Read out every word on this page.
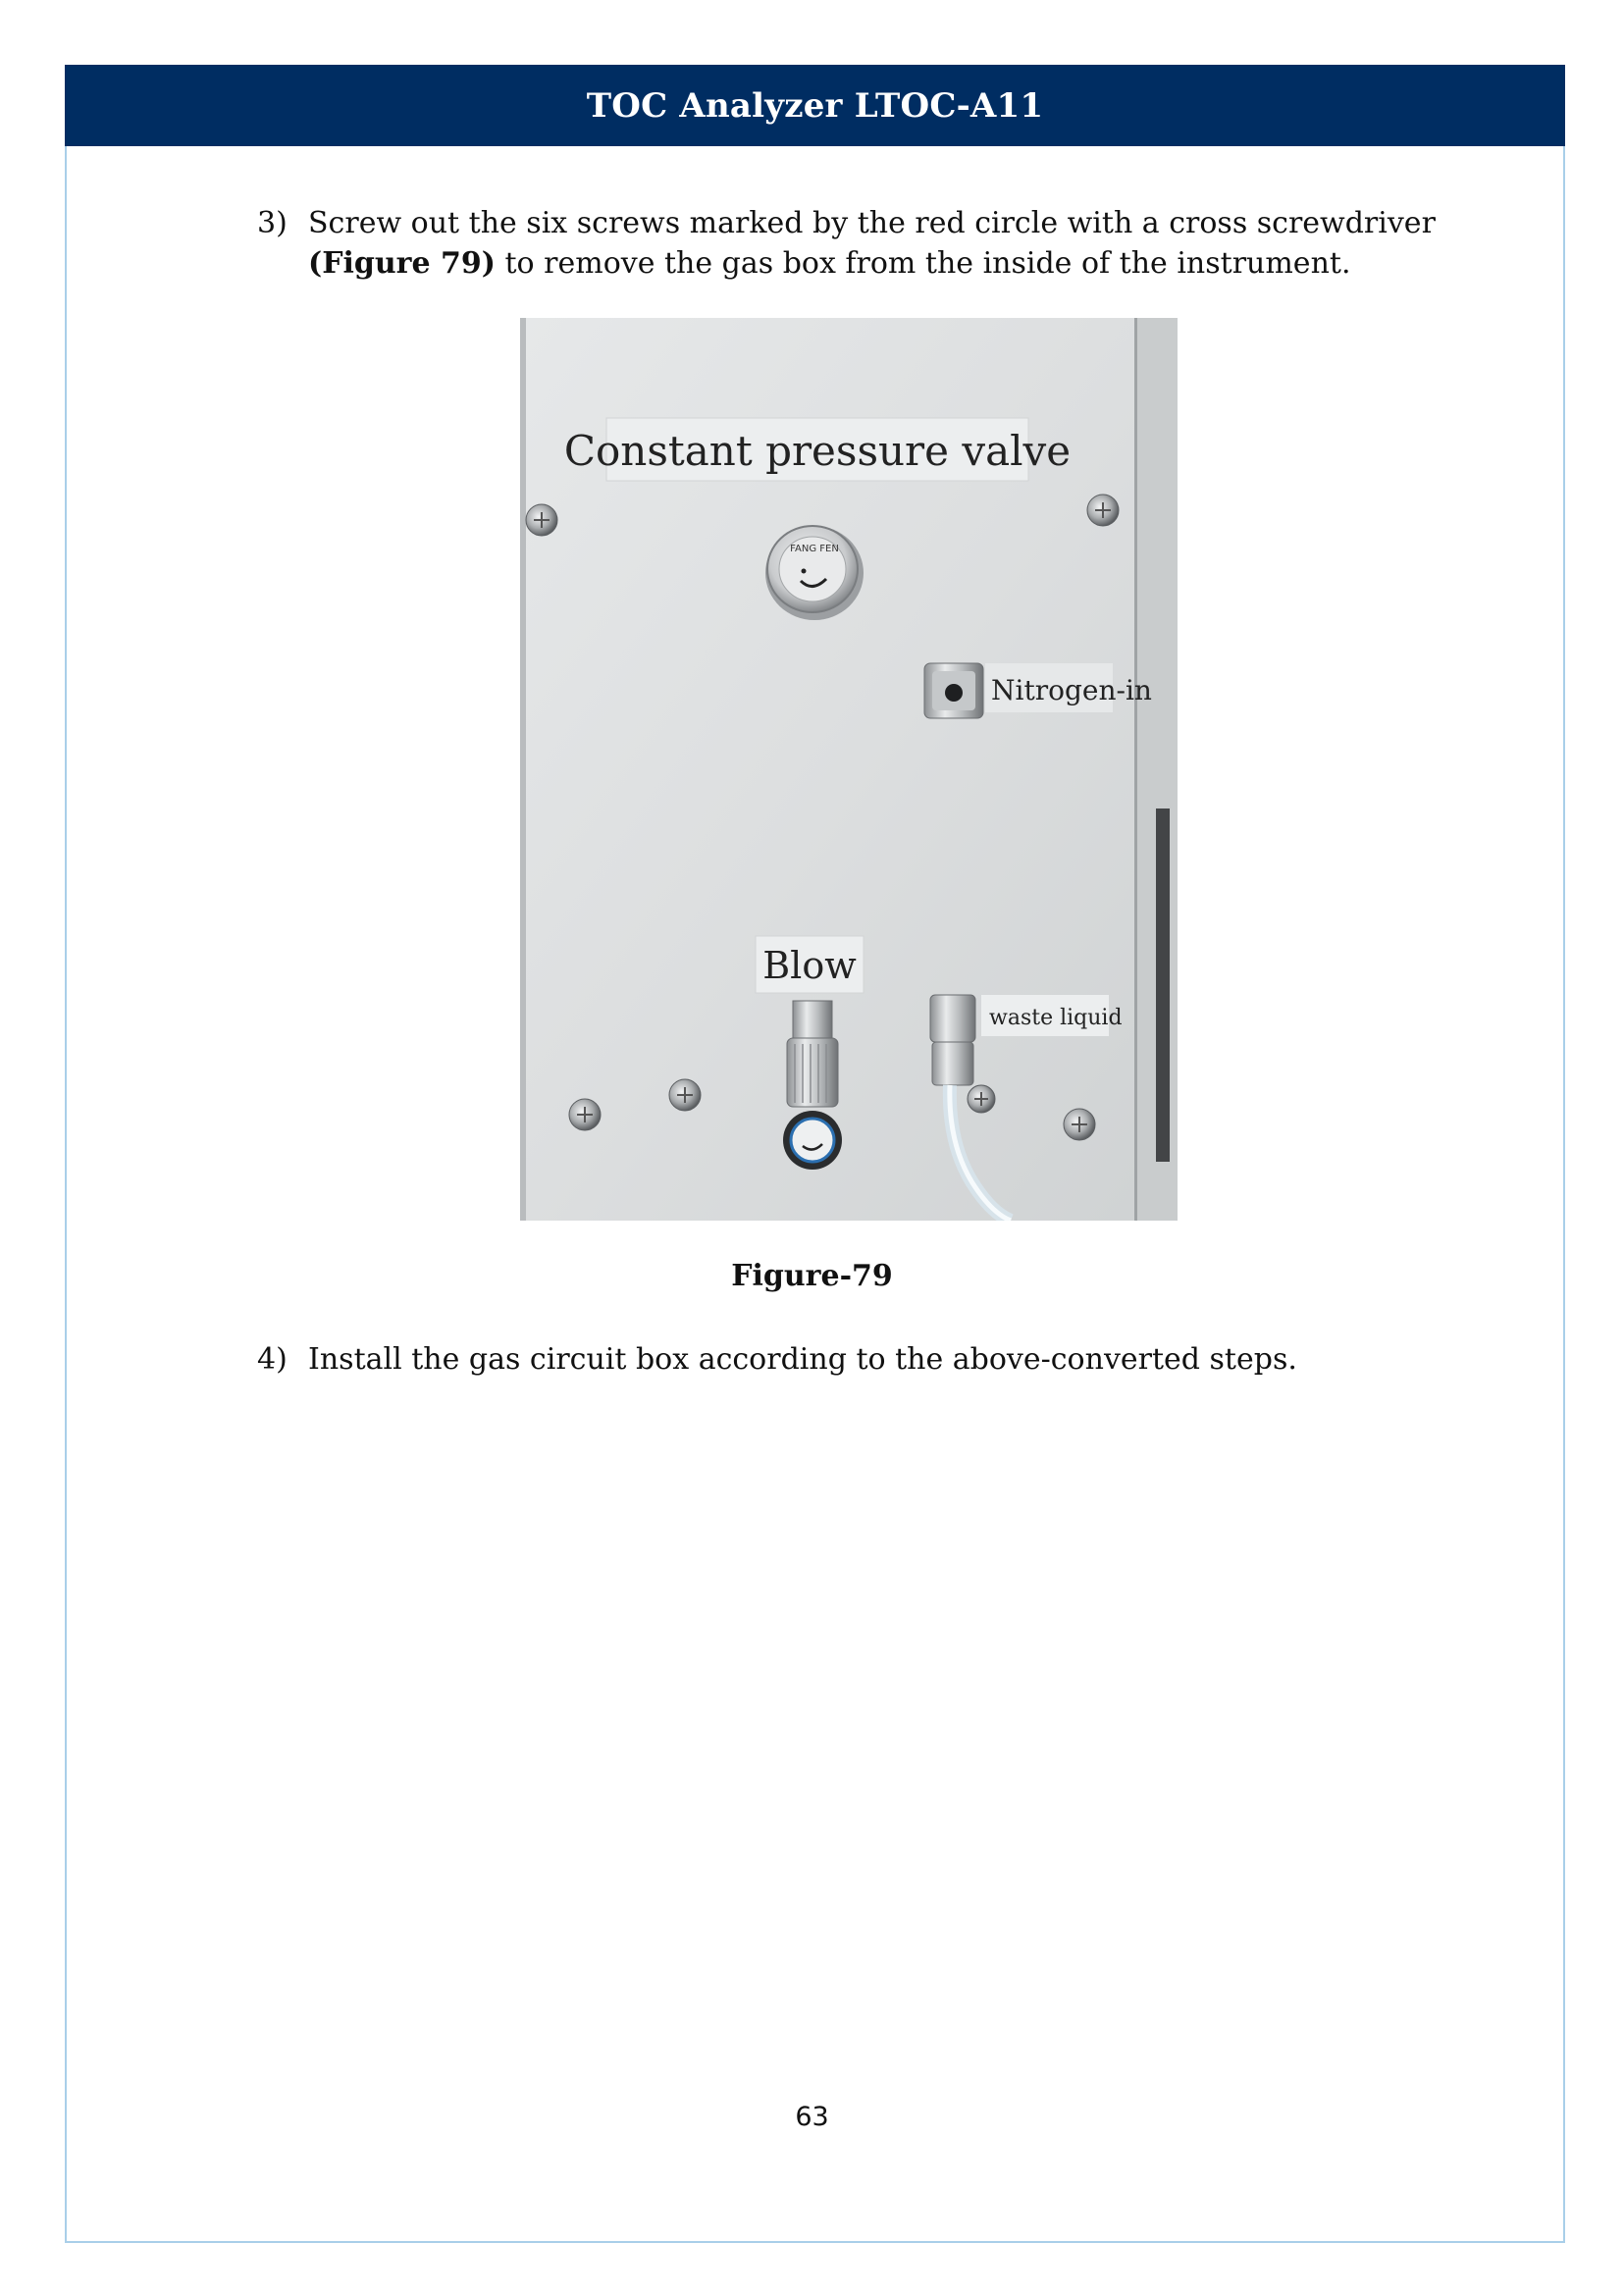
TOC Analyzer LTOC-A11
3) Screw out the six screws marked by the red circle with a cross screwdriver (Figure 79) to remove the gas box from the inside of the instrument.
Constant pressure valve
FANG FEN
Nitrogen-in
Blow
waste liquid
Figure-79
4) Install the gas circuit box according to the above-converted steps.
63
